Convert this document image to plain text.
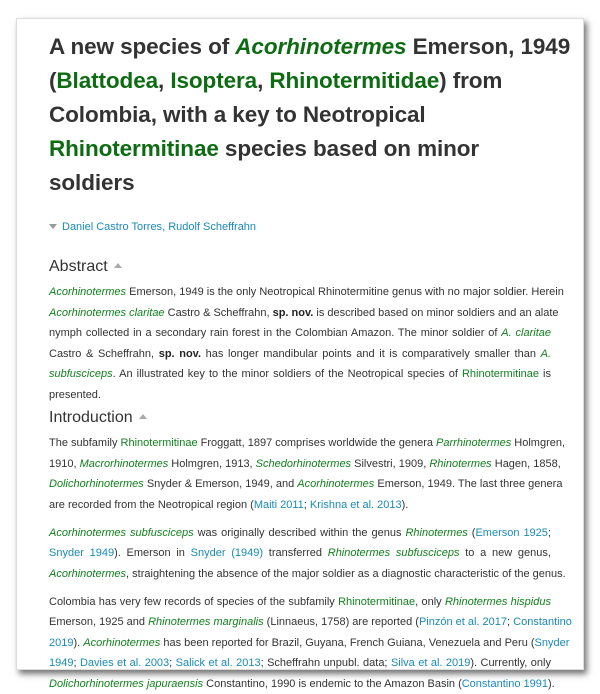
A new species of Acorhinotermes Emerson, 1949
(Blattodea, Isoptera, Rhinotermitidae) from
Colombia, with a key to Neotropical
Rhinotermitinae species based on minor
soldiers
Daniel Castro Torres, Rudolf Scheffrahn
Abstract
Acorhinotermes Emerson, 1949 is the only Neotropical Rhinotermitine genus with no major soldier. Herein
Acorhinotermes claritae Castro & Scheffrahn, sp. nov. is described based on minor soldiers and an alate
nymph collected in a secondary rain forest in the Colombian Amazon. The minor soldier of A. claritae
Castro & Scheffrahn, sp. nov. has longer mandibular points and it is comparatively smaller than A.
subfusciceps. An illustrated key to the minor soldiers of the Neotropical species of Rhinotermitinae is
presented.
Introduction
The subfamily Rhinotermitinae Froggatt, 1897 comprises worldwide the genera Parrhinotermes Holmgren,
1910, Macrorhinotermes Holmgren, 1913, Schedorhinotermes Silvestri, 1909, Rhinotermes Hagen, 1858,
Dolichorhinotermes Snyder & Emerson, 1949, and Acorhinotermes Emerson, 1949. The last three genera
are recorded from the Neotropical region (Maiti 2011; Krishna et al. 2013).
Acorhinotermes subfusciceps was originally described within the genus Rhinotermes (Emerson 1925;
Snyder 1949). Emerson in Snyder (1949) transferred Rhinotermes subfusciceps to a new genus,
Acorhinotermes, straightening the absence of the major soldier as a diagnostic characteristic of the genus.
Colombia has very few records of species of the subfamily Rhinotermitinae, only Rhinotermes hispidus
Emerson, 1925 and Rhinotermes marginalis (Linnaeus, 1758) are reported (Pinzón et al. 2017; Constantino
2019). Acorhinotermes has been reported for Brazil, Guyana, French Guiana, Venezuela and Peru (Snyder
1949; Davies et al. 2003; Salick et al. 2013; Scheffrahn unpubl. data; Silva et al. 2019). Currently, only
Dolichorhinotermes japuraensis Constantino, 1990 is endemic to the Amazon Basin (Constantino 1991).
